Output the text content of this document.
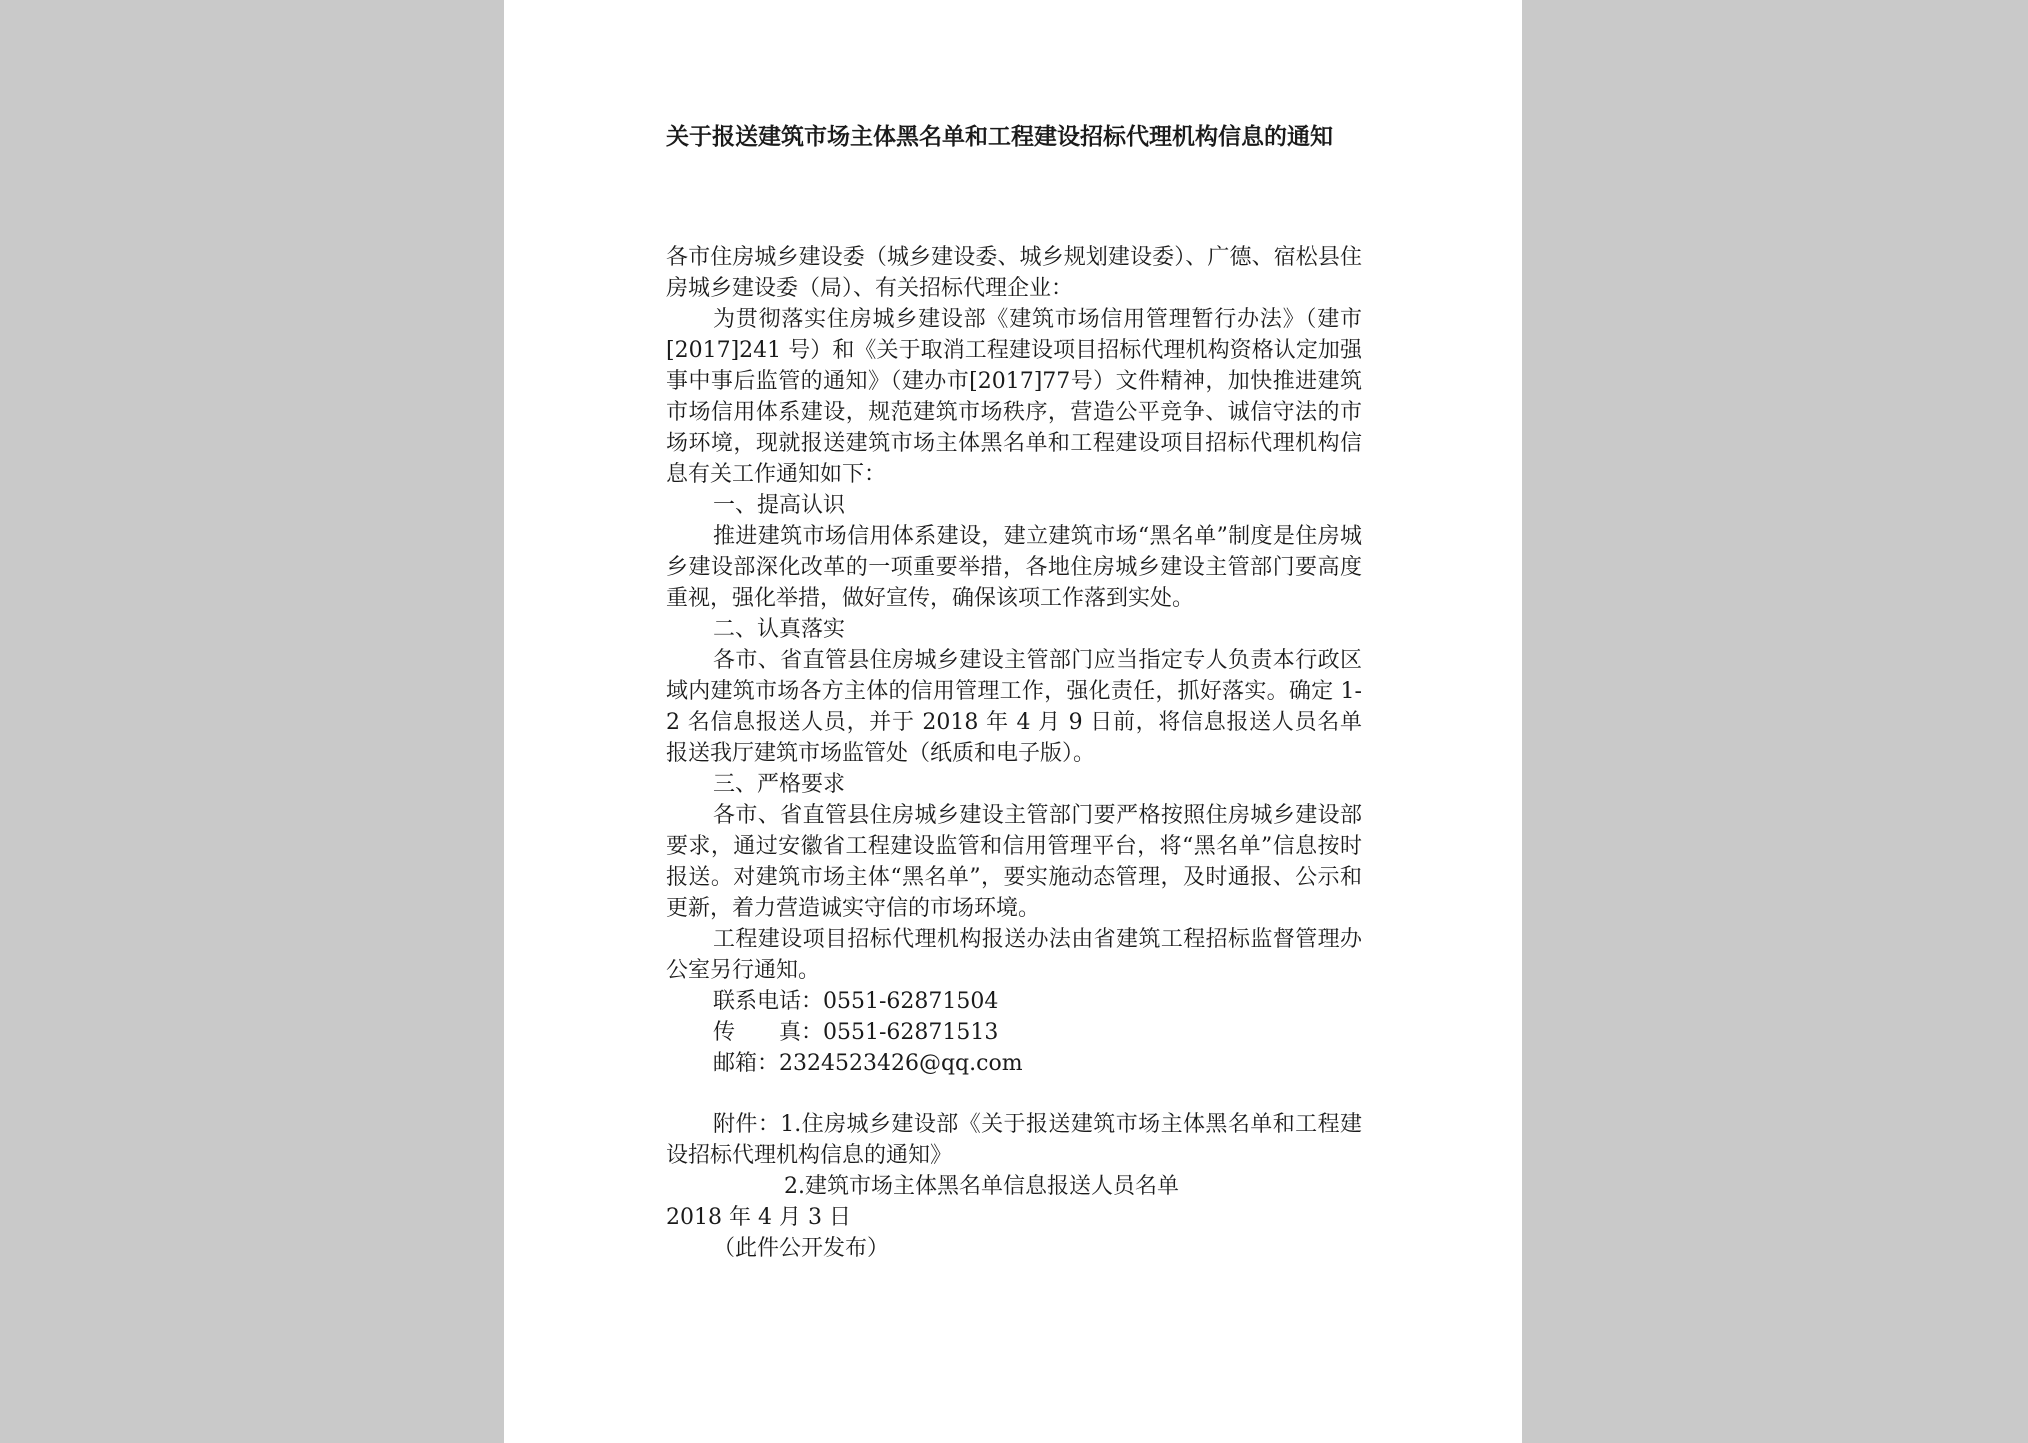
关于报送建筑市场主体黑名单和工程建设招标代理机构信息的通知

各市住房城乡建设委（城乡建设委、城乡规划建设委）、广德、宿松县住房城乡建设委（局）、有关招标代理企业：

为贯彻落实住房城乡建设部《建筑市场信用管理暂行办法》（建市[2017]241 号）和《关于取消工程建设项目招标代理机构资格认定加强事中事后监管的通知》（建办市[2017]77号）文件精神，加快推进建筑市场信用体系建设，规范建筑市场秩序，营造公平竞争、诚信守法的市场环境，现就报送建筑市场主体黑名单和工程建设项目招标代理机构信息有关工作通知如下：

一、提高认识

推进建筑市场信用体系建设，建立建筑市场“黑名单”制度是住房城乡建设部深化改革的一项重要举措，各地住房城乡建设主管部门要高度重视，强化举措，做好宣传，确保该项工作落到实处。

二、认真落实

各市、省直管县住房城乡建设主管部门应当指定专人负责本行政区域内建筑市场各方主体的信用管理工作，强化责任，抓好落实。确定 1-2 名信息报送人员，并于 2018 年 4 月 9 日前，将信息报送人员名单报送我厅建筑市场监管处（纸质和电子版）。

三、严格要求

各市、省直管县住房城乡建设主管部门要严格按照住房城乡建设部要求，通过安徽省工程建设监管和信用管理平台，将“黑名单”信息按时报送。对建筑市场主体“黑名单”，要实施动态管理，及时通报、公示和更新，着力营造诚实守信的市场环境。

工程建设项目招标代理机构报送办法由省建筑工程招标监督管理办公室另行通知。

联系电话：0551-62871504

传　　真：0551-62871513

邮箱：2324523426@qq.com

附件：1.住房城乡建设部《关于报送建筑市场主体黑名单和工程建设招标代理机构信息的通知》

2.建筑市场主体黑名单信息报送人员名单

2018 年 4 月 3 日

（此件公开发布）
